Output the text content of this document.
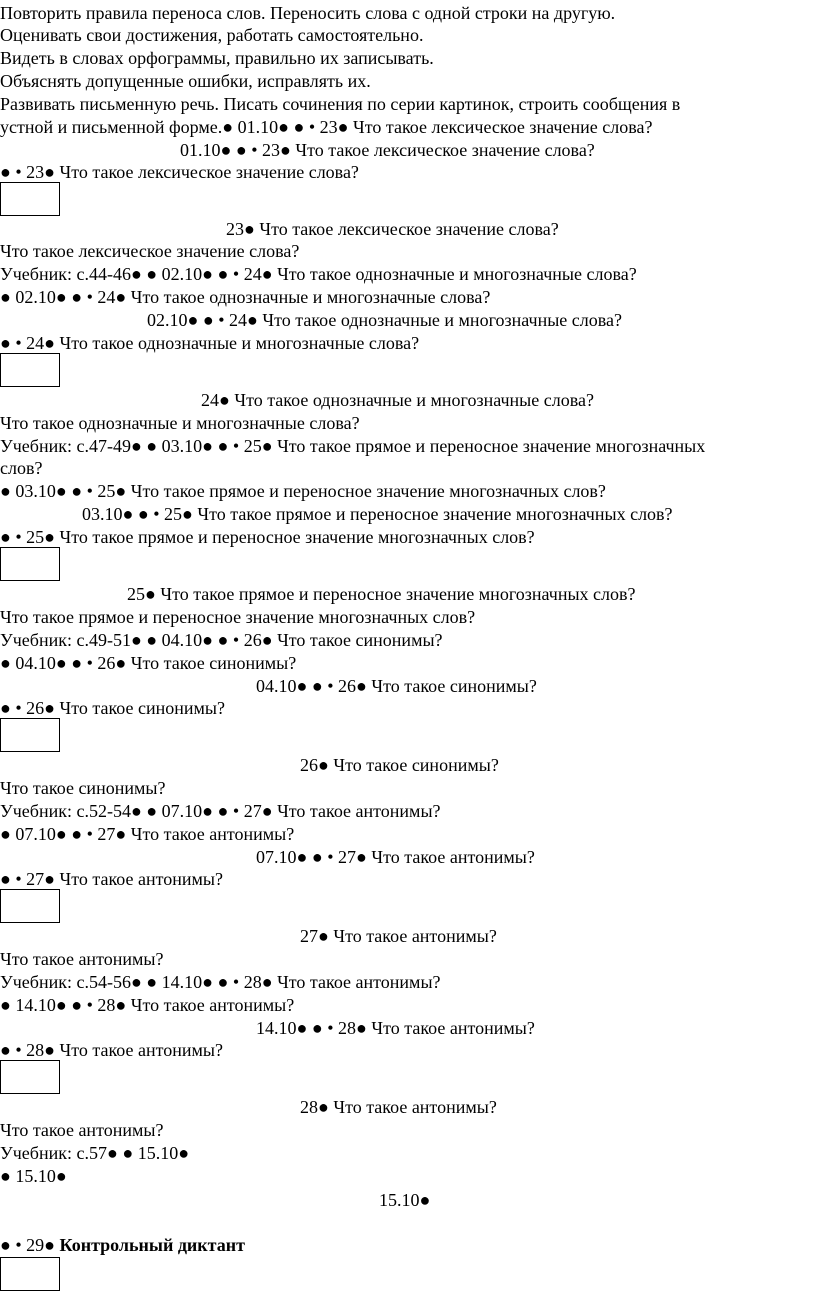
Повторить правила переноса слов. Переносить слова с одной строки на другую.
Оценивать свои достижения, работать самостоятельно.
Видеть в словах орфограммы, правильно их записывать.
Объяснять допущенные ошибки, исправлять их.
Развивать письменную речь. Писать сочинения по серии картинок, строить сообщения в
устной и письменной форме.● 01.10● ● • 23● Что такое лексическое значение слова?
01.10● ● • 23● Что такое лексическое значение слова?
● • 23● Что такое лексическое значение слова?
23● Что такое лексическое значение слова?
Что такое лексическое значение слова?
Учебник: с.44-46● ● 02.10● ● • 24● Что такое однозначные и многозначные слова?
● 02.10● ● • 24● Что такое однозначные и многозначные слова?
02.10● ● • 24● Что такое однозначные и многозначные слова?
● • 24● Что такое однозначные и многозначные слова?
24● Что такое однозначные и многозначные слова?
Что такое однозначные и многозначные слова?
Учебник: с.47-49● ● 03.10● ● • 25● Что такое прямое и переносное значение многозначных
слов?
● 03.10● ● • 25● Что такое прямое и переносное значение многозначных слов?
03.10● ● • 25● Что такое прямое и переносное значение многозначных слов?
● • 25● Что такое прямое и переносное значение многозначных слов?
25● Что такое прямое и переносное значение многозначных слов?
Что такое прямое и переносное значение многозначных слов?
Учебник: с.49-51● ● 04.10● ● • 26● Что такое синонимы?
● 04.10● ● • 26● Что такое синонимы?
04.10● ● • 26● Что такое синонимы?
● • 26● Что такое синонимы?
26● Что такое синонимы?
Что такое синонимы?
Учебник: с.52-54● ● 07.10● ● • 27● Что такое антонимы?
● 07.10● ● • 27● Что такое антонимы?
07.10● ● • 27● Что такое антонимы?
● • 27● Что такое антонимы?
27● Что такое антонимы?
Что такое антонимы?
Учебник: с.54-56● ● 14.10● ● • 28● Что такое антонимы?
● 14.10● ● • 28● Что такое антонимы?
14.10● ● • 28● Что такое антонимы?
● • 28● Что такое антонимы?
28● Что такое антонимы?
Что такое антонимы?
Учебник: с.57● ● 15.10●
● 15.10●
15.10●
● • 29● Контрольный диктант
